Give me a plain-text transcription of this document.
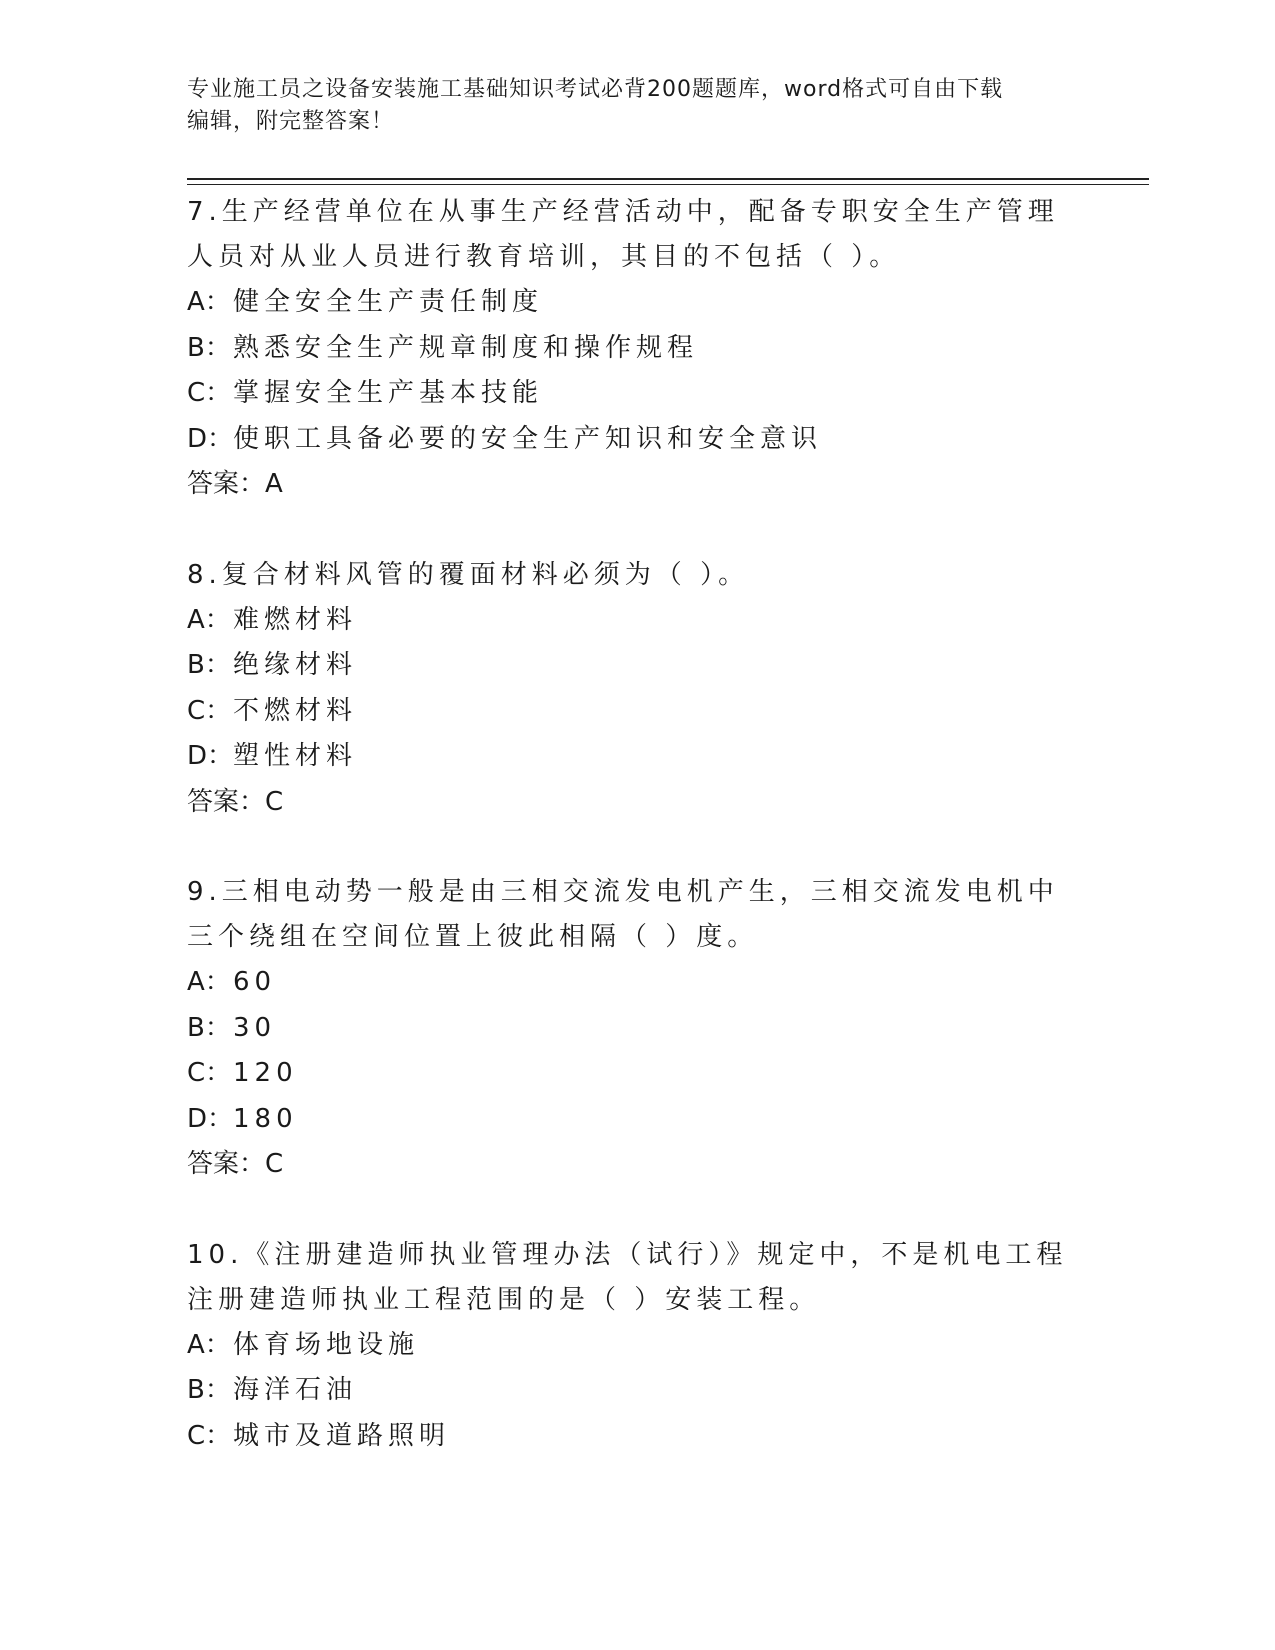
专业施工员之设备安装施工基础知识考试必背200题题库，word格式可自由下载
编辑，附完整答案！

7.生产经营单位在从事生产经营活动中，配备专职安全生产管理人员对从业人员进行教育培训，其目的不包括（ ）。

A：健全安全生产责任制度

B：熟悉安全生产规章制度和操作规程

C：掌握安全生产基本技能

D：使职工具备必要的安全生产知识和安全意识

答案：A

8.复合材料风管的覆面材料必须为（ ）。

A：难燃材料

B：绝缘材料

C：不燃材料

D：塑性材料

答案：C

9.三相电动势一般是由三相交流发电机产生，三相交流发电机中三个绕组在空间位置上彼此相隔（ ）度。

A：60

B：30

C：120

D：180

答案：C

10.《注册建造师执业管理办法（试行）》规定中，不是机电工程注册建造师执业工程范围的是（ ）安装工程。

A：体育场地设施

B：海洋石油

C：城市及道路照明
